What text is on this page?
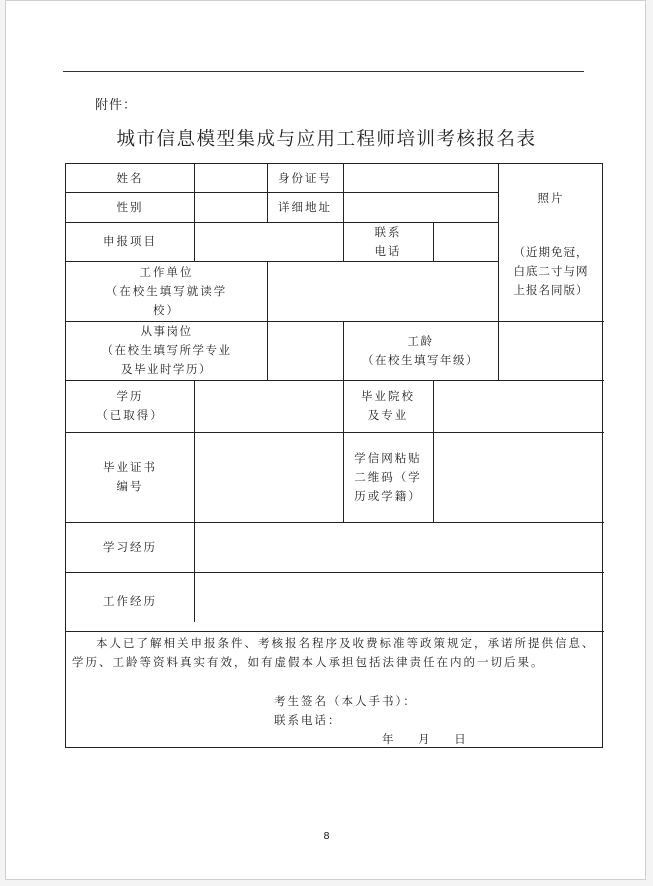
附件：
城市信息模型集成与应用工程师培训考核报名表
姓名	身份证号
照片
（近期免冠，
白底二寸与网
上报名同版）
性别	详细地址
申报项目
联系
电话
工作单位
（在校生填写就读学
校）
从事岗位
（在校生填写所学专业
及毕业时学历）
工龄
（在校生填写年级）
学历
（已取得）
毕业院校
及专业
毕业证书
编号
学信网粘贴
二维码（学
历或学籍）
学习经历
工作经历
本人已了解相关申报条件、考核报名程序及收费标准等政策规定，承诺所提供信息、学历、工龄等资料真实有效，如有虚假本人承担包括法律责任在内的一切后果。
考生签名（本人手书）：
联系电话：
年    月    日
8
